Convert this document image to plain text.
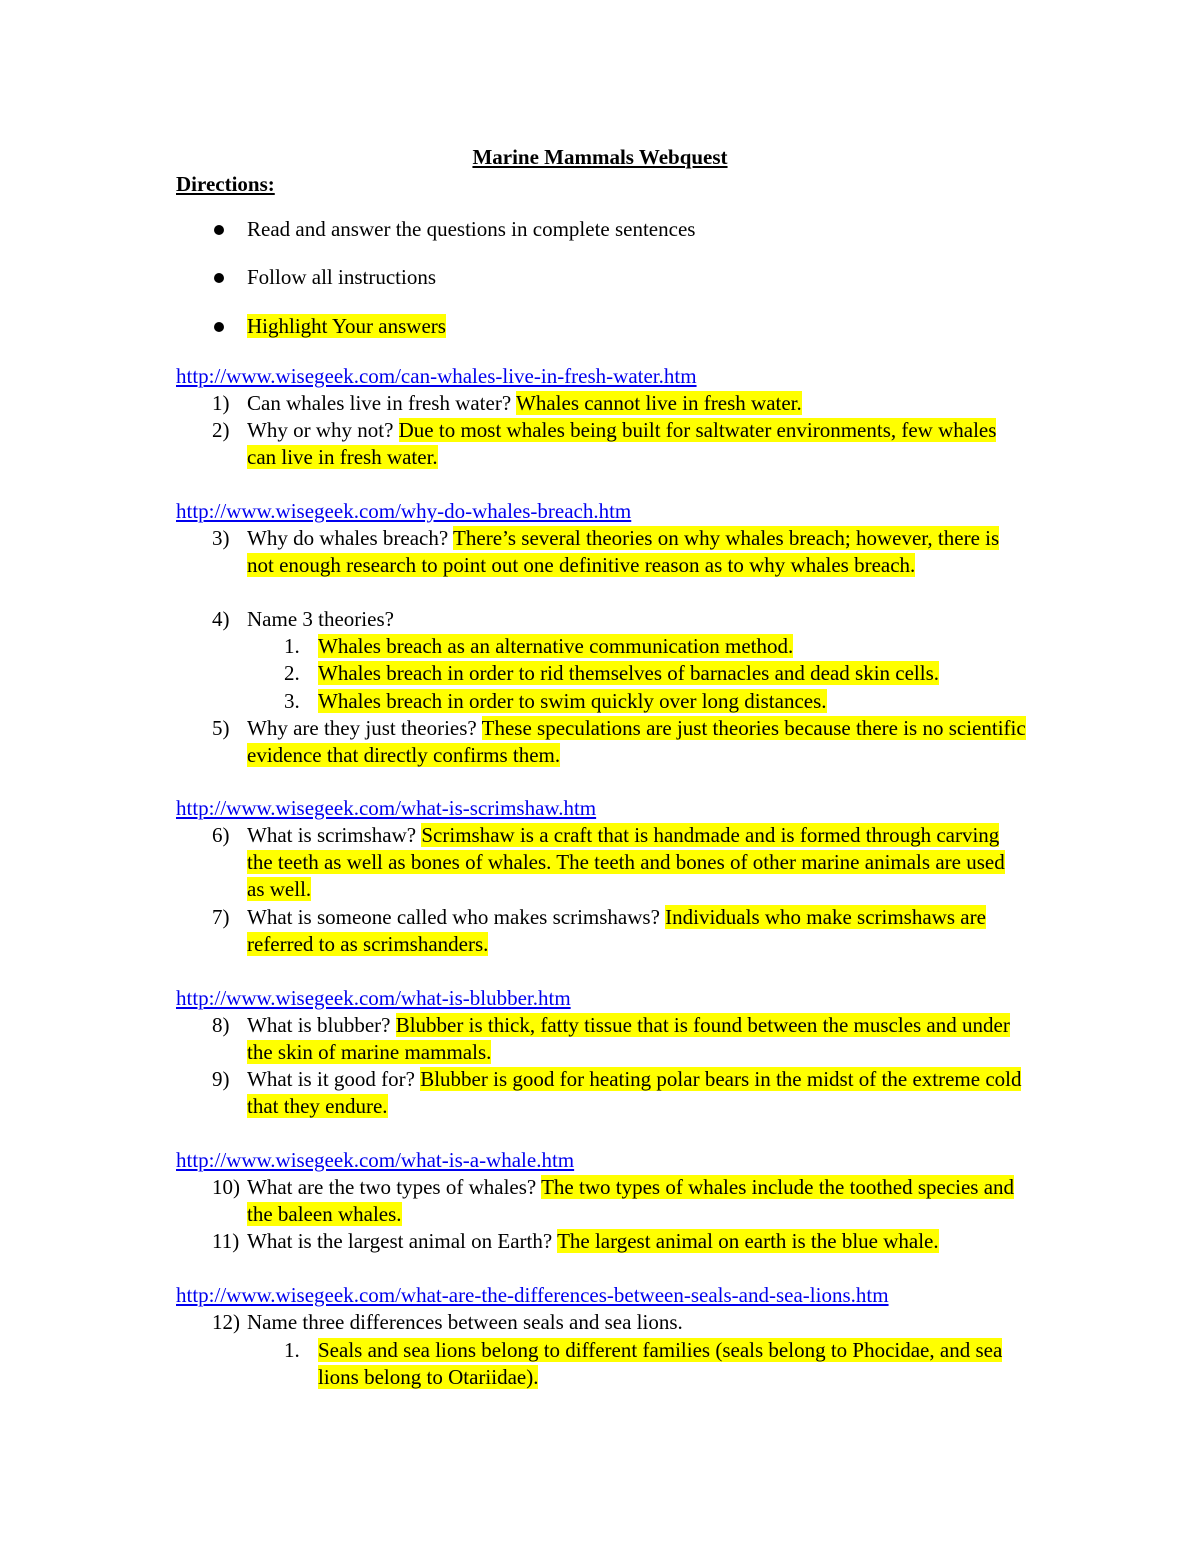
Marine Mammals Webquest
Directions:
Read and answer the questions in complete sentences
Follow all instructions
Highlight Your answers
http://www.wisegeek.com/can-whales-live-in-fresh-water.htm
1) Can whales live in fresh water? Whales cannot live in fresh water.
2) Why or why not? Due to most whales being built for saltwater environments, few whales can live in fresh water.
http://www.wisegeek.com/why-do-whales-breach.htm
3) Why do whales breach? There’s several theories on why whales breach; however, there is not enough research to point out one definitive reason as to why whales breach.
4) Name 3 theories?
1. Whales breach as an alternative communication method.
2. Whales breach in order to rid themselves of barnacles and dead skin cells.
3. Whales breach in order to swim quickly over long distances.
5) Why are they just theories? These speculations are just theories because there is no scientific evidence that directly confirms them.
http://www.wisegeek.com/what-is-scrimshaw.htm
6) What is scrimshaw? Scrimshaw is a craft that is handmade and is formed through carving the teeth as well as bones of whales. The teeth and bones of other marine animals are used as well.
7) What is someone called who makes scrimshaws? Individuals who make scrimshaws are referred to as scrimshanders.
http://www.wisegeek.com/what-is-blubber.htm
8) What is blubber? Blubber is thick, fatty tissue that is found between the muscles and under the skin of marine mammals.
9) What is it good for? Blubber is good for heating polar bears in the midst of the extreme cold that they endure.
http://www.wisegeek.com/what-is-a-whale.htm
10) What are the two types of whales? The two types of whales include the toothed species and the baleen whales.
11) What is the largest animal on Earth? The largest animal on earth is the blue whale.
http://www.wisegeek.com/what-are-the-differences-between-seals-and-sea-lions.htm
12) Name three differences between seals and sea lions.
1. Seals and sea lions belong to different families (seals belong to Phocidae, and sea lions belong to Otariidae).
